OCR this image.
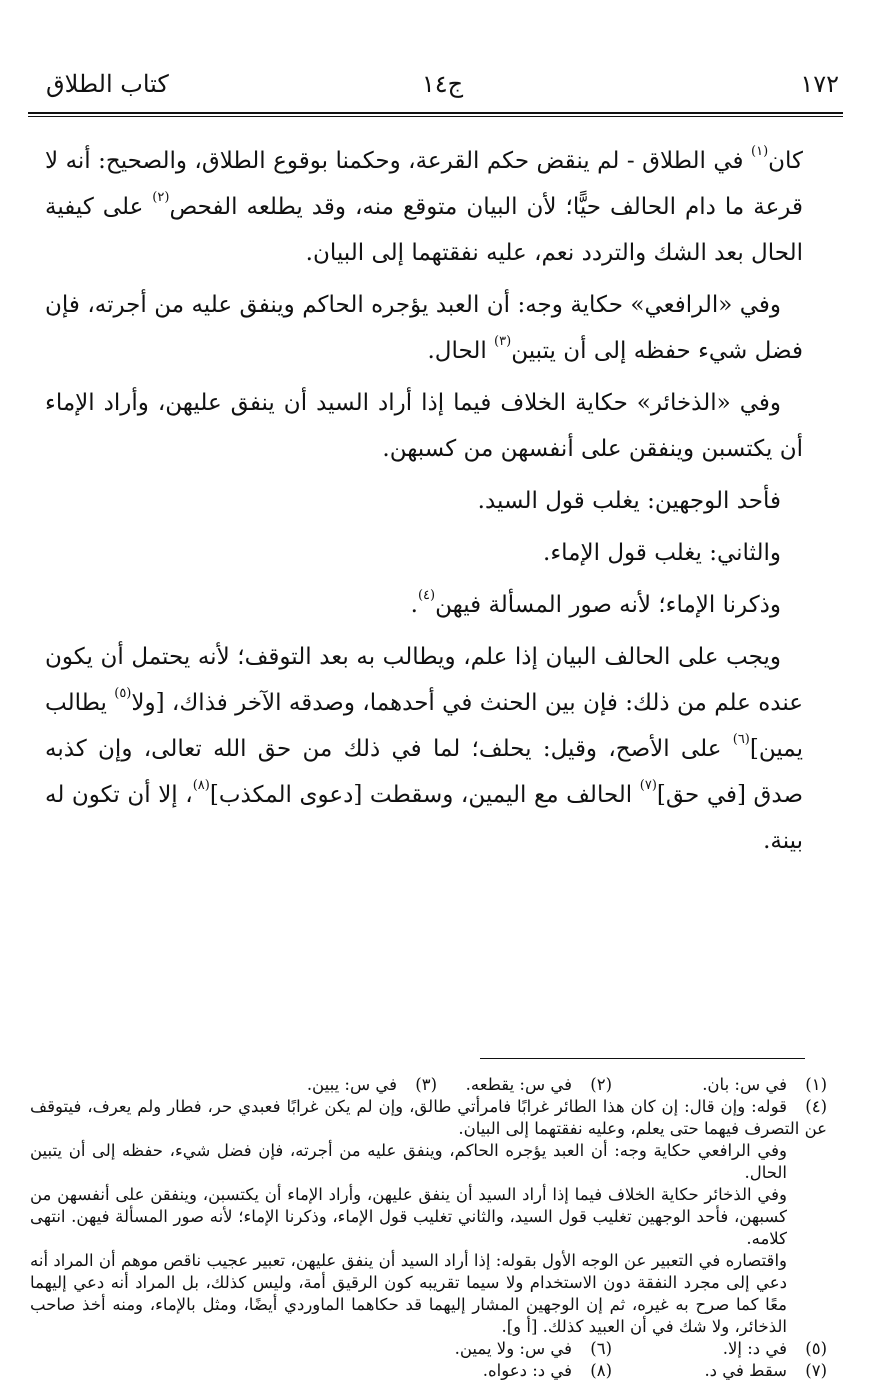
١٧٢
ج١٤
كتاب الطلاق

كان$^{(١)}$ في الطلاق - لم ينقض حكم القرعة، وحكمنا بوقوع الطلاق، والصحيح: أنه لا قرعة ما دام الحالف حيًّا؛ لأن البيان متوقع منه، وقد يطلعه الفحص$^{(٢)}$ على كيفية الحال بعد الشك والتردد نعم، عليه نفقتهما إلى البيان.

وفي «الرافعي» حكاية وجه: أن العبد يؤجره الحاكم وينفق عليه من أجرته، فإن فضل شيء حفظه إلى أن يتبين$^{(٣)}$ الحال.

وفي «الذخائر» حكاية الخلاف فيما إذا أراد السيد أن ينفق عليهن، وأراد الإماء أن يكتسبن وينفقن على أنفسهن من كسبهن.

فأحد الوجهين: يغلب قول السيد.

والثاني: يغلب قول الإماء.

وذكرنا الإماء؛ لأنه صور المسألة فيهن$^{(٤)}$.

ويجب على الحالف البيان إذا علم، ويطالب به بعد التوقف؛ لأنه يحتمل أن يكون عنده علم من ذلك: فإن بين الحنث في أحدهما، وصدقه الآخر فذاك، [ولا$^{(٥)}$ يطالب يمين]$^{(٦)}$ على الأصح، وقيل: يحلف؛ لما في ذلك من حق الله تعالى، وإن كذبه صدق [في حق]$^{(٧)}$ الحالف مع اليمين، وسقطت [دعوى المكذب]$^{(٨)}$، إلا أن تكون له بينة.

(١)في س: بان.
(٢)في س: يقطعه.
(٣)في س: يبين.

(٤)قوله: وإن قال: إن كان هذا الطائر غرابًا فامرأتي طالق، وإن لم يكن غرابًا فعبدي حر، فطار ولم يعرف، فيتوقف عن التصرف فيهما حتى يعلم، وعليه نفقتهما إلى البيان.

وفي الرافعي حكاية وجه: أن العبد يؤجره الحاكم، وينفق عليه من أجرته، فإن فضل شيء، حفظه إلى أن يتبين الحال.

وفي الذخائر حكاية الخلاف فيما إذا أراد السيد أن ينفق عليهن، وأراد الإماء أن يكتسبن، وينفقن على أنفسهن من كسبهن، فأحد الوجهين تغليب قول السيد، والثاني تغليب قول الإماء، وذكرنا الإماء؛ لأنه صور المسألة فيهن. انتهى كلامه.

واقتصاره في التعبير عن الوجه الأول بقوله: إذا أراد السيد أن ينفق عليهن، تعبير عجيب ناقص موهم أن المراد أنه دعي إلى مجرد النفقة دون الاستخدام ولا سيما تقريبه كون الرقيق أمة، وليس كذلك، بل المراد أنه دعي إليهما معًا كما صرح به غيره، ثم إن الوجهين المشار إليهما قد حكاهما الماوردي أيضًا، ومثل بالإماء، ومنه أخذ صاحب الذخائر، ولا شك في أن العبيد كذلك. [أ و].

(٥)في د: إلا.
(٦)في س: ولا يمين.
(٧)سقط في د.
(٨)في د: دعواه.
